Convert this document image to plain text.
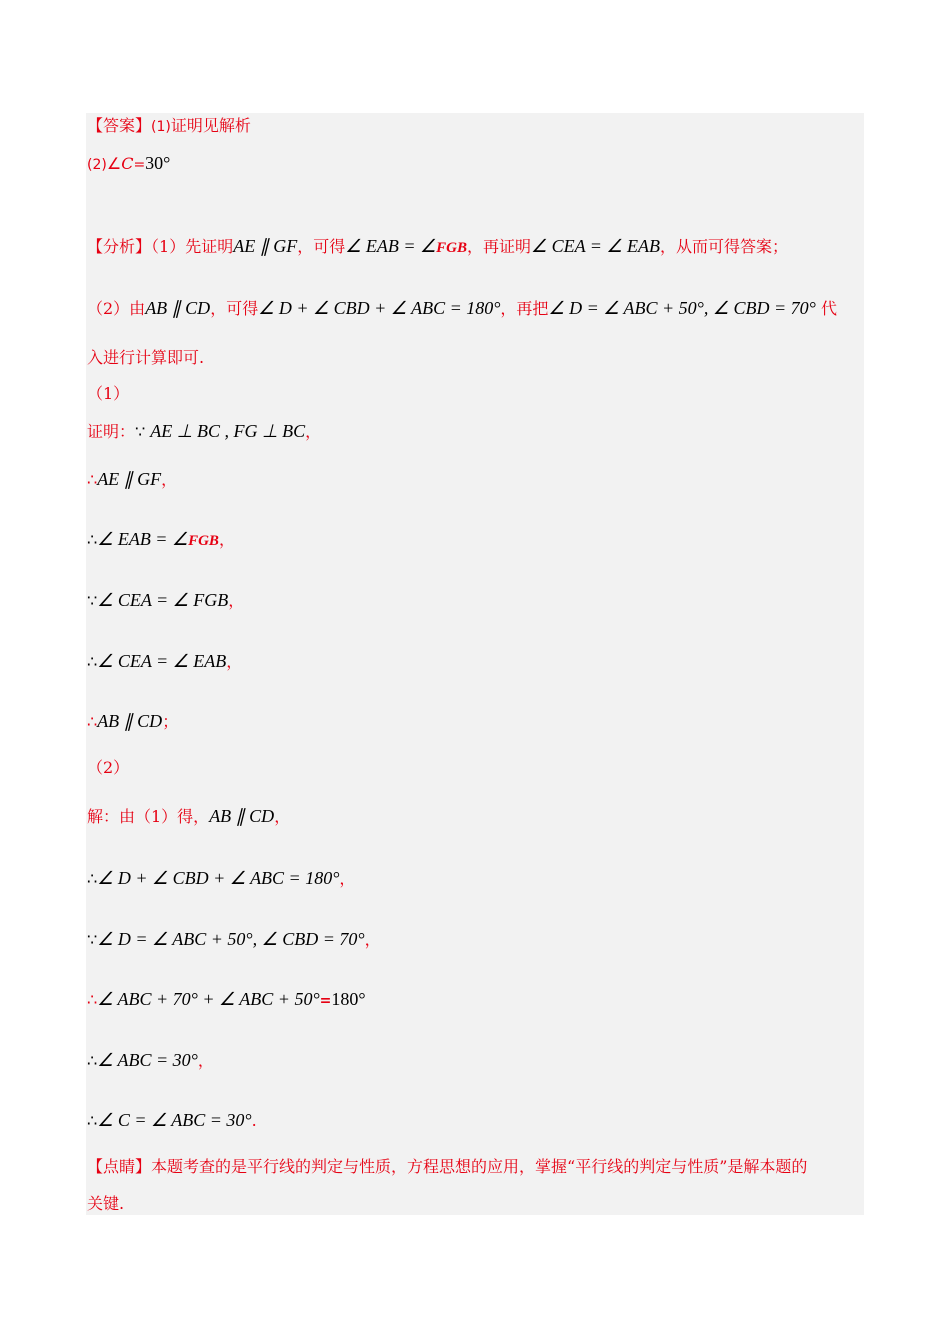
【答案】(1)证明见解析
(2)∠C=30°
【分析】（1）先证明AE ∥ GF，可得∠ EAB = ∠FGB，再证明∠ CEA = ∠ EAB，从而可得答案；
（2）由AB ∥ CD，可得∠ D + ∠ CBD + ∠ ABC = 180°，再把∠ D = ∠ ABC + 50°, ∠ CBD = 70° 代
入进行计算即可.
（1）
证明：∵ AE ⊥ BC , FG ⊥ BC，
∴AE ∥ GF，
∴∠ EAB = ∠FGB，
∵∠ CEA = ∠ FGB，
∴∠ CEA = ∠ EAB，
∴AB ∥ CD；
（2）
解：由（1）得，AB ∥ CD，
∴∠ D + ∠ CBD + ∠ ABC = 180°，
∵∠ D = ∠ ABC + 50°, ∠ CBD = 70°，
∴∠ ABC + 70° + ∠ ABC + 50°=180°
∴∠ ABC = 30°，
∴∠ C = ∠ ABC = 30°.
【点睛】本题考查的是平行线的判定与性质，方程思想的应用，掌握“平行线的判定与性质”是解本题的
关键.
